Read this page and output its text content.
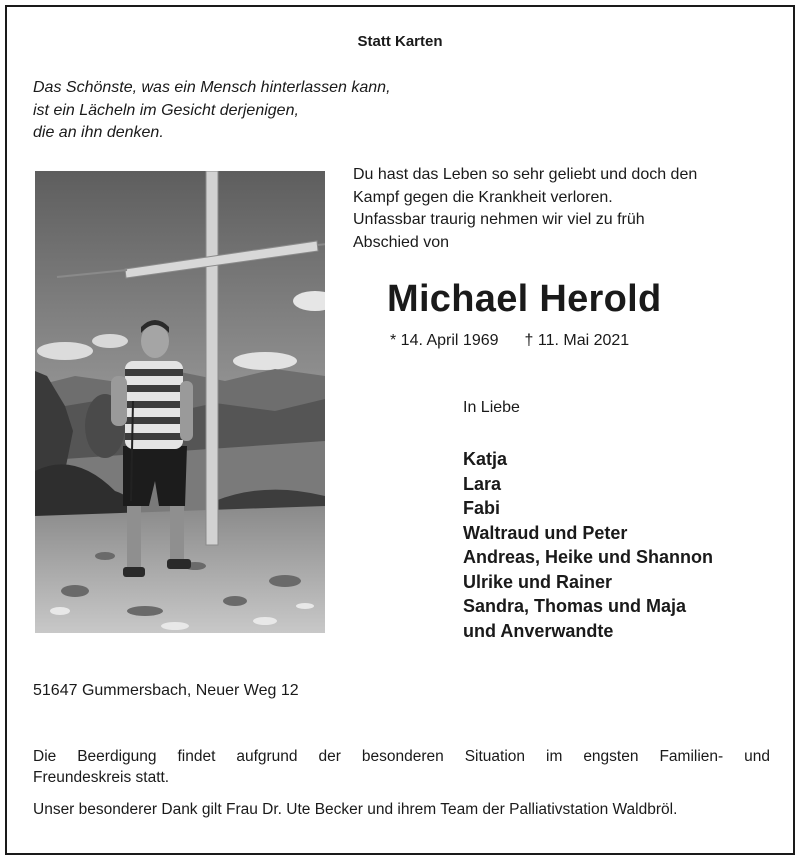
Statt Karten
Das Schönste, was ein Mensch hinterlassen kann,
ist ein Lächeln im Gesicht derjenigen,
die an ihn denken.
Du hast das Leben so sehr geliebt und doch den
Kampf gegen die Krankheit verloren.
Unfassbar traurig nehmen wir viel zu früh
Abschied von
Michael Herold
* 14. April 1969 † 11. Mai 2021
In Liebe
Katja
Lara
Fabi
Waltraud und Peter
Andreas, Heike und Shannon
Ulrike und Rainer
Sandra, Thomas und Maja
und Anverwandte
51647 Gummersbach, Neuer Weg 12
Die Beerdigung findet aufgrund der besonderen Situation im engsten Familien- und
Freundeskreis statt.
Unser besonderer Dank gilt Frau Dr. Ute Becker und ihrem Team der Palliativstation Waldbröl.
